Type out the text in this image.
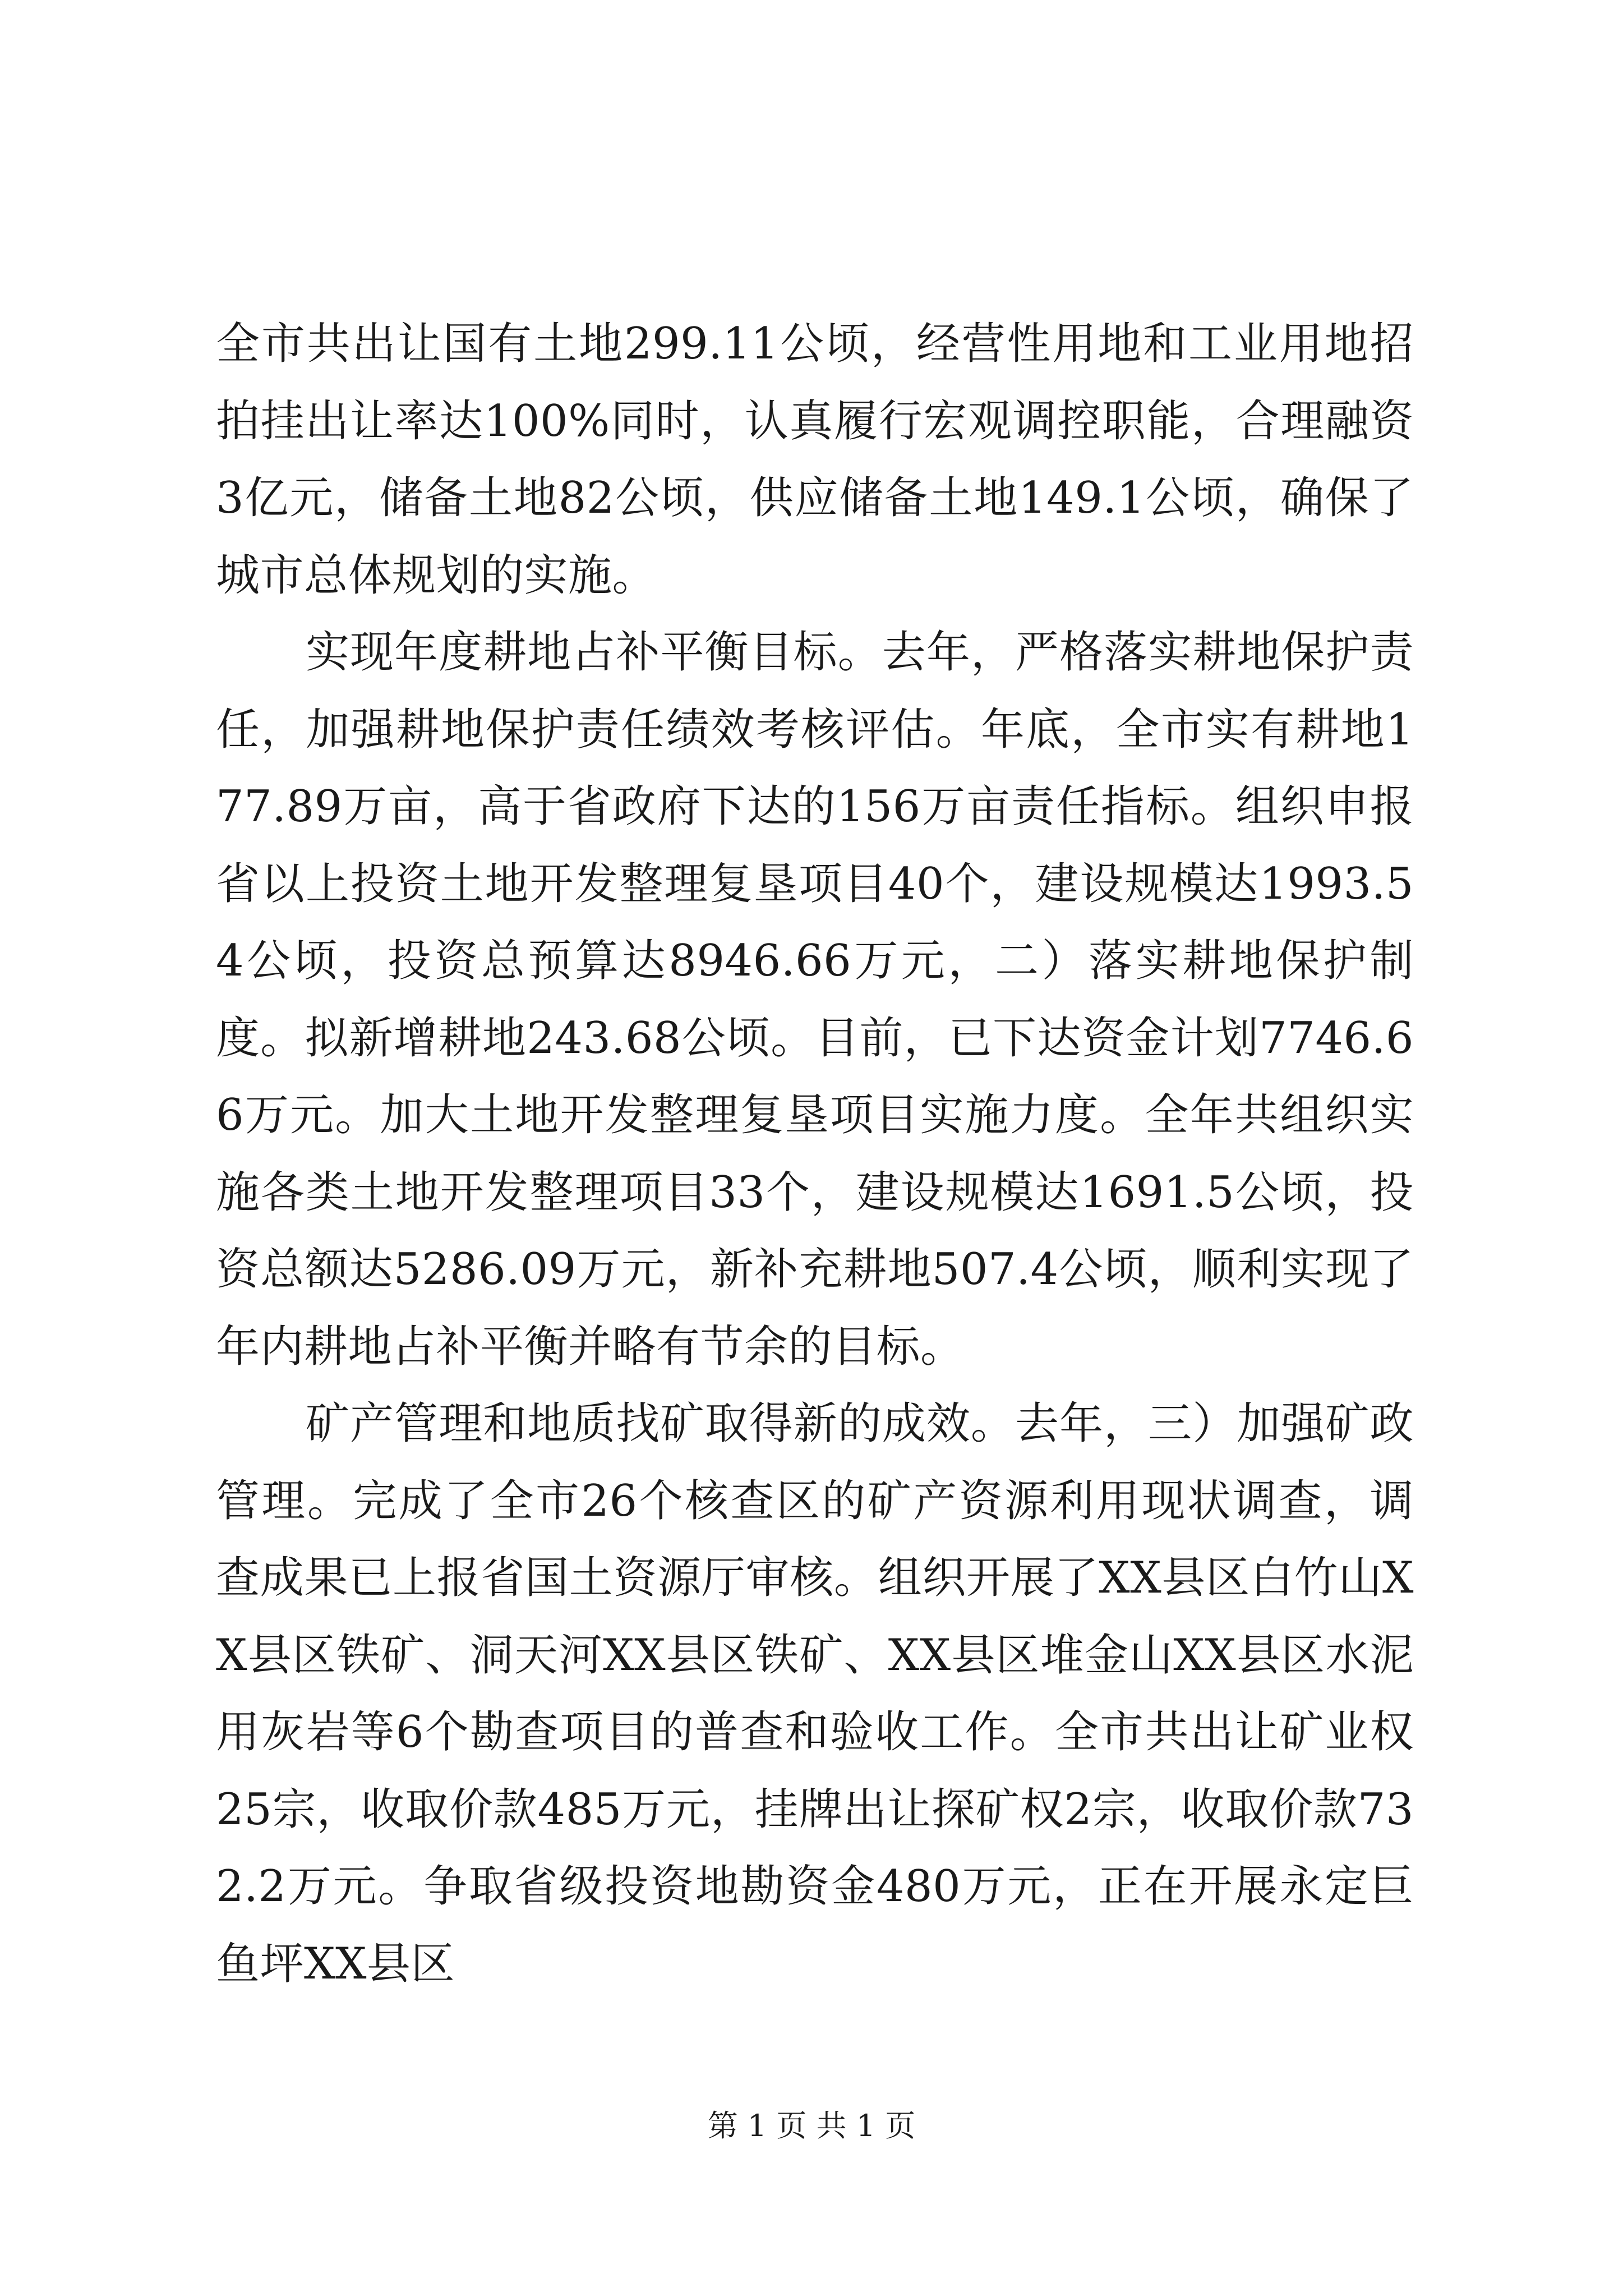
全市共出让国有土地299.11公顷，经营性用地和工业用地招拍挂出让率达100%同时，认真履行宏观调控职能，合理融资3亿元，储备土地82公顷，供应储备土地149.1公顷，确保了城市总体规划的实施。

实现年度耕地占补平衡目标。去年，严格落实耕地保护责任，加强耕地保护责任绩效考核评估。年底，全市实有耕地177.89万亩，高于省政府下达的156万亩责任指标。组织申报省以上投资土地开发整理复垦项目40个，建设规模达1993.54公顷，投资总预算达8946.66万元，二）落实耕地保护制度。拟新增耕地243.68公顷。目前，已下达资金计划7746.66万元。加大土地开发整理复垦项目实施力度。全年共组织实施各类土地开发整理项目33个，建设规模达1691.5公顷，投资总额达5286.09万元，新补充耕地507.4公顷，顺利实现了年内耕地占补平衡并略有节余的目标。

矿产管理和地质找矿取得新的成效。去年，三）加强矿政管理。完成了全市26个核查区的矿产资源利用现状调查，调查成果已上报省国土资源厅审核。组织开展了XX县区白竹山XX县区铁矿、洞天河XX县区铁矿、XX县区堆金山XX县区水泥用灰岩等6个勘查项目的普查和验收工作。全市共出让矿业权25宗，收取价款485万元，挂牌出让探矿权2宗，收取价款732.2万元。争取省级投资地勘资金480万元，正在开展永定巨鱼坪XX县区

第 1 页 共 1 页
